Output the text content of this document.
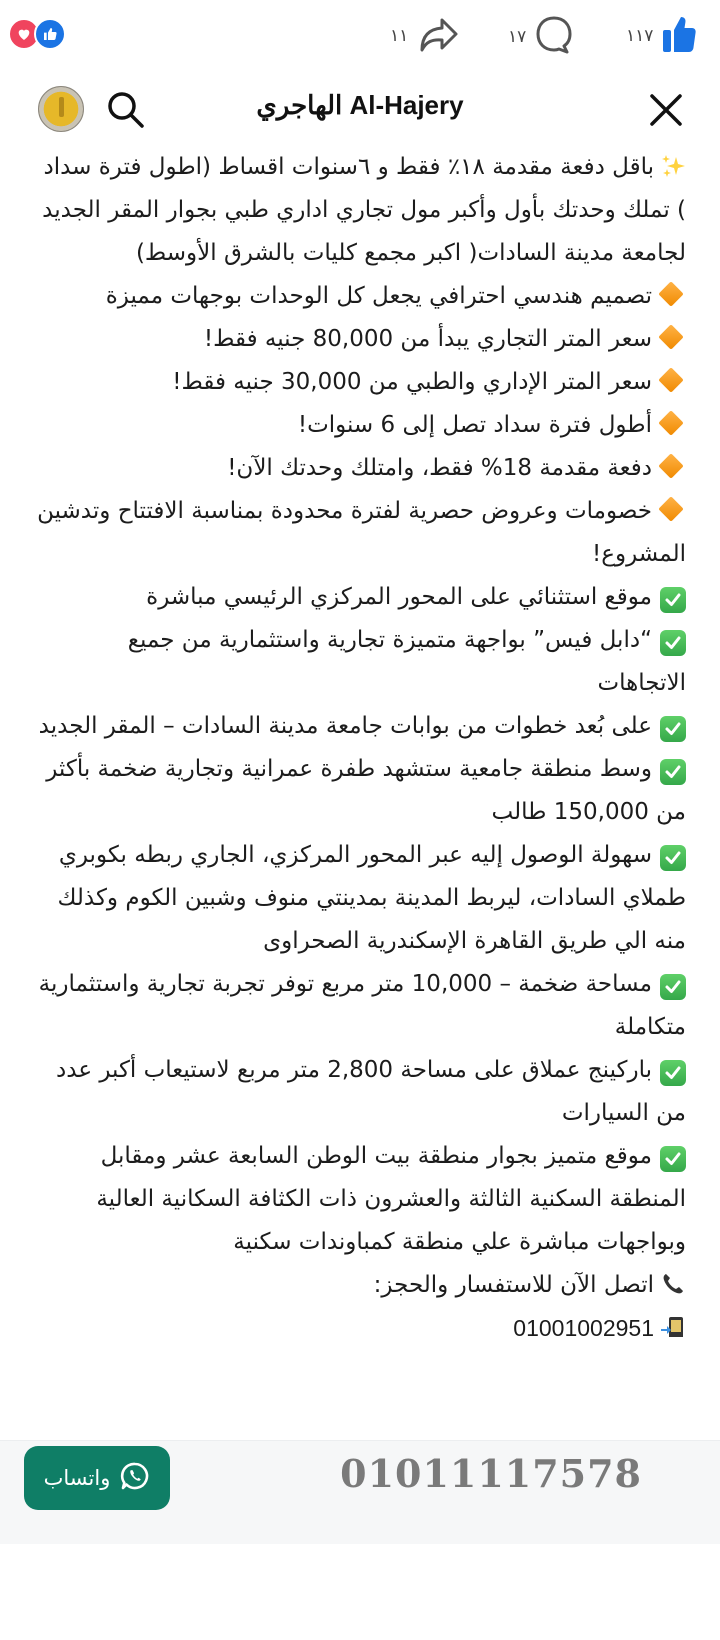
١١	١٧	١١٧
الهاجري Al-Hajery

باقل دفعة مقدمة ١٨٪ فقط و ٦سنوات اقساط (اطول فترة سداد ) تملك وحدتك بأول وأكبر مول تجاري اداري طبي بجوار المقر الجديد لجامعة مدينة السادات( اكبر مجمع كليات بالشرق الأوسط)

تصميم هندسي احترافي يجعل كل الوحدات بوجهات مميزة

سعر المتر التجاري يبدأ من 80,000 جنيه فقط!

سعر المتر الإداري والطبي من 30,000 جنيه فقط!

أطول فترة سداد تصل إلى 6 سنوات!

دفعة مقدمة 18% فقط، وامتلك وحدتك الآن!

خصومات وعروض حصرية لفترة محدودة بمناسبة الافتتاح وتدشين المشروع!

موقع استثنائي على المحور المركزي الرئيسي مباشرة

“دابل فيس” بواجهة متميزة تجارية واستثمارية من جميع الاتجاهات

على بُعد خطوات من بوابات جامعة مدينة السادات – المقر الجديد

وسط منطقة جامعية ستشهد طفرة عمرانية وتجارية ضخمة بأكثر من 150,000 طالب

سهولة الوصول إليه عبر المحور المركزي، الجاري ربطه بكوبري طملاي السادات، ليربط المدينة بمدينتي منوف وشبين الكوم وكذلك منه الي طريق القاهرة الإسكندرية الصحراوى

مساحة ضخمة – 10,000 متر مربع توفر تجربة تجارية واستثمارية متكاملة

باركينج عملاق على مساحة 2,800 متر مربع لاستيعاب أكبر عدد من السيارات

موقع متميز بجوار منطقة بيت الوطن السابعة عشر ومقابل المنطقة السكنية الثالثة والعشرون ذات الكثافة السكانية العالية وبواجهات مباشرة علي منطقة كمباوندات سكنية

اتصل الآن للاستفسار والحجز:

01001002951

واتساب	01011117578
